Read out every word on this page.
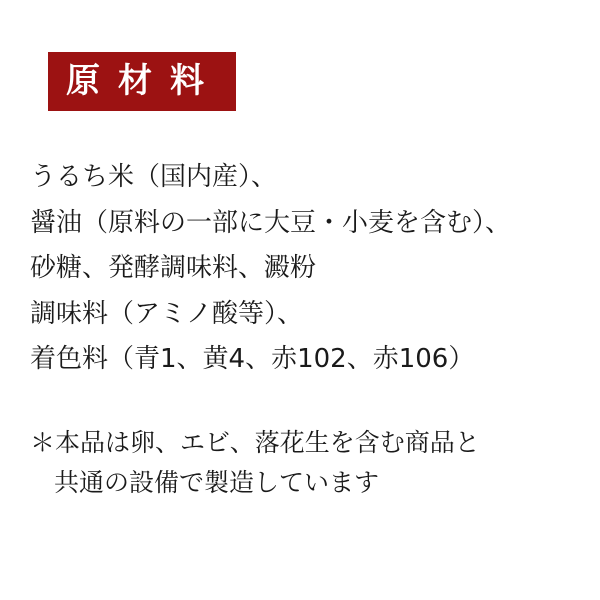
原材料
うるち米（国内産）、
醤油（原料の一部に大豆・小麦を含む）、
砂糖、発酵調味料、澱粉
調味料（アミノ酸等）、
着色料（青1、黄4、赤102、赤106）
＊本品は卵、エビ、落花生を含む商品と
共通の設備で製造しています
